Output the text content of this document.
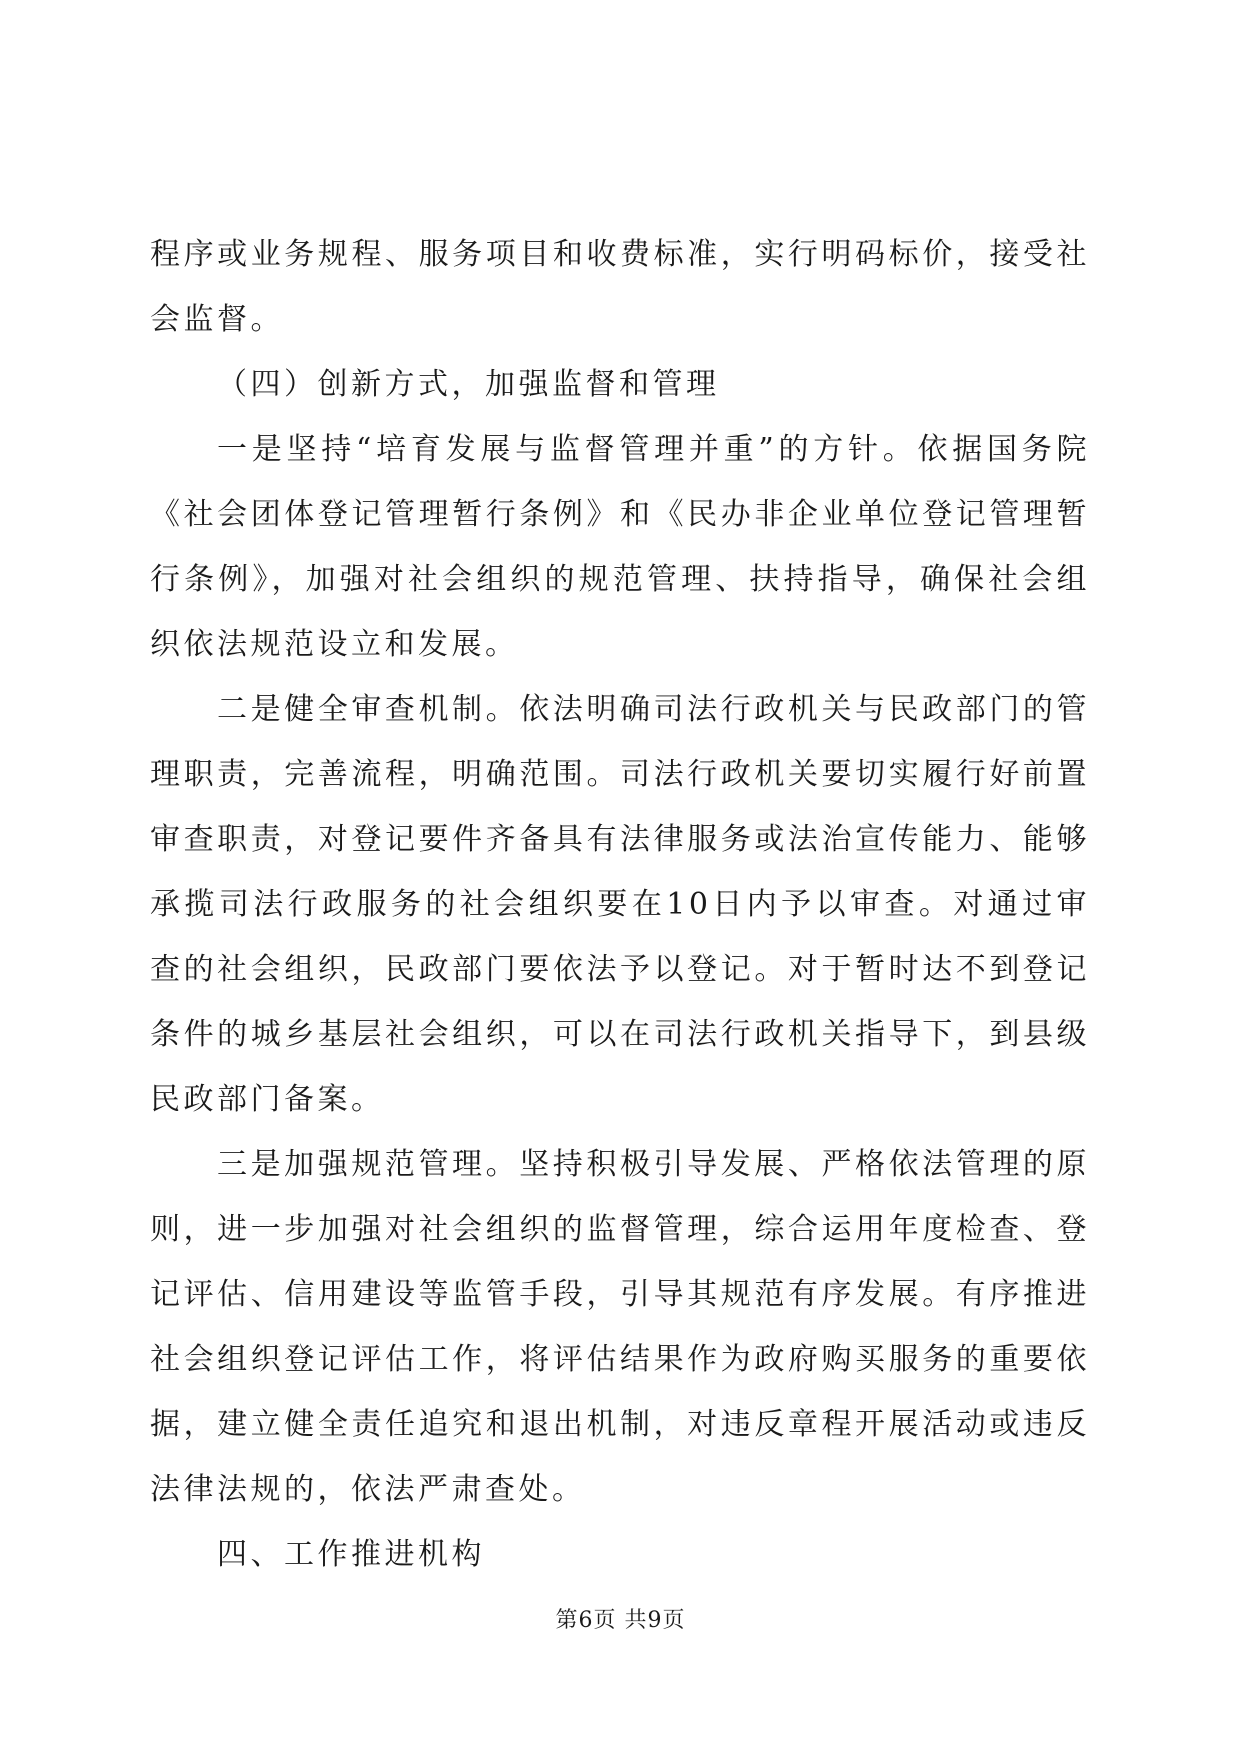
程序或业务规程、服务项目和收费标准，实行明码标价，接受社会监督。

（四）创新方式，加强监督和管理

一是坚持“培育发展与监督管理并重”的方针。依据国务院《社会团体登记管理暂行条例》和《民办非企业单位登记管理暂行条例》，加强对社会组织的规范管理、扶持指导，确保社会组织依法规范设立和发展。

二是健全审查机制。依法明确司法行政机关与民政部门的管理职责，完善流程，明确范围。司法行政机关要切实履行好前置审查职责，对登记要件齐备具有法律服务或法治宣传能力、能够承揽司法行政服务的社会组织要在10日内予以审查。对通过审查的社会组织，民政部门要依法予以登记。对于暂时达不到登记条件的城乡基层社会组织，可以在司法行政机关指导下，到县级民政部门备案。

三是加强规范管理。坚持积极引导发展、严格依法管理的原则，进一步加强对社会组织的监督管理，综合运用年度检查、登记评估、信用建设等监管手段，引导其规范有序发展。有序推进社会组织登记评估工作，将评估结果作为政府购买服务的重要依据，建立健全责任追究和退出机制，对违反章程开展活动或违反法律法规的，依法严肃查处。

四、工作推进机构

第6页 共9页
